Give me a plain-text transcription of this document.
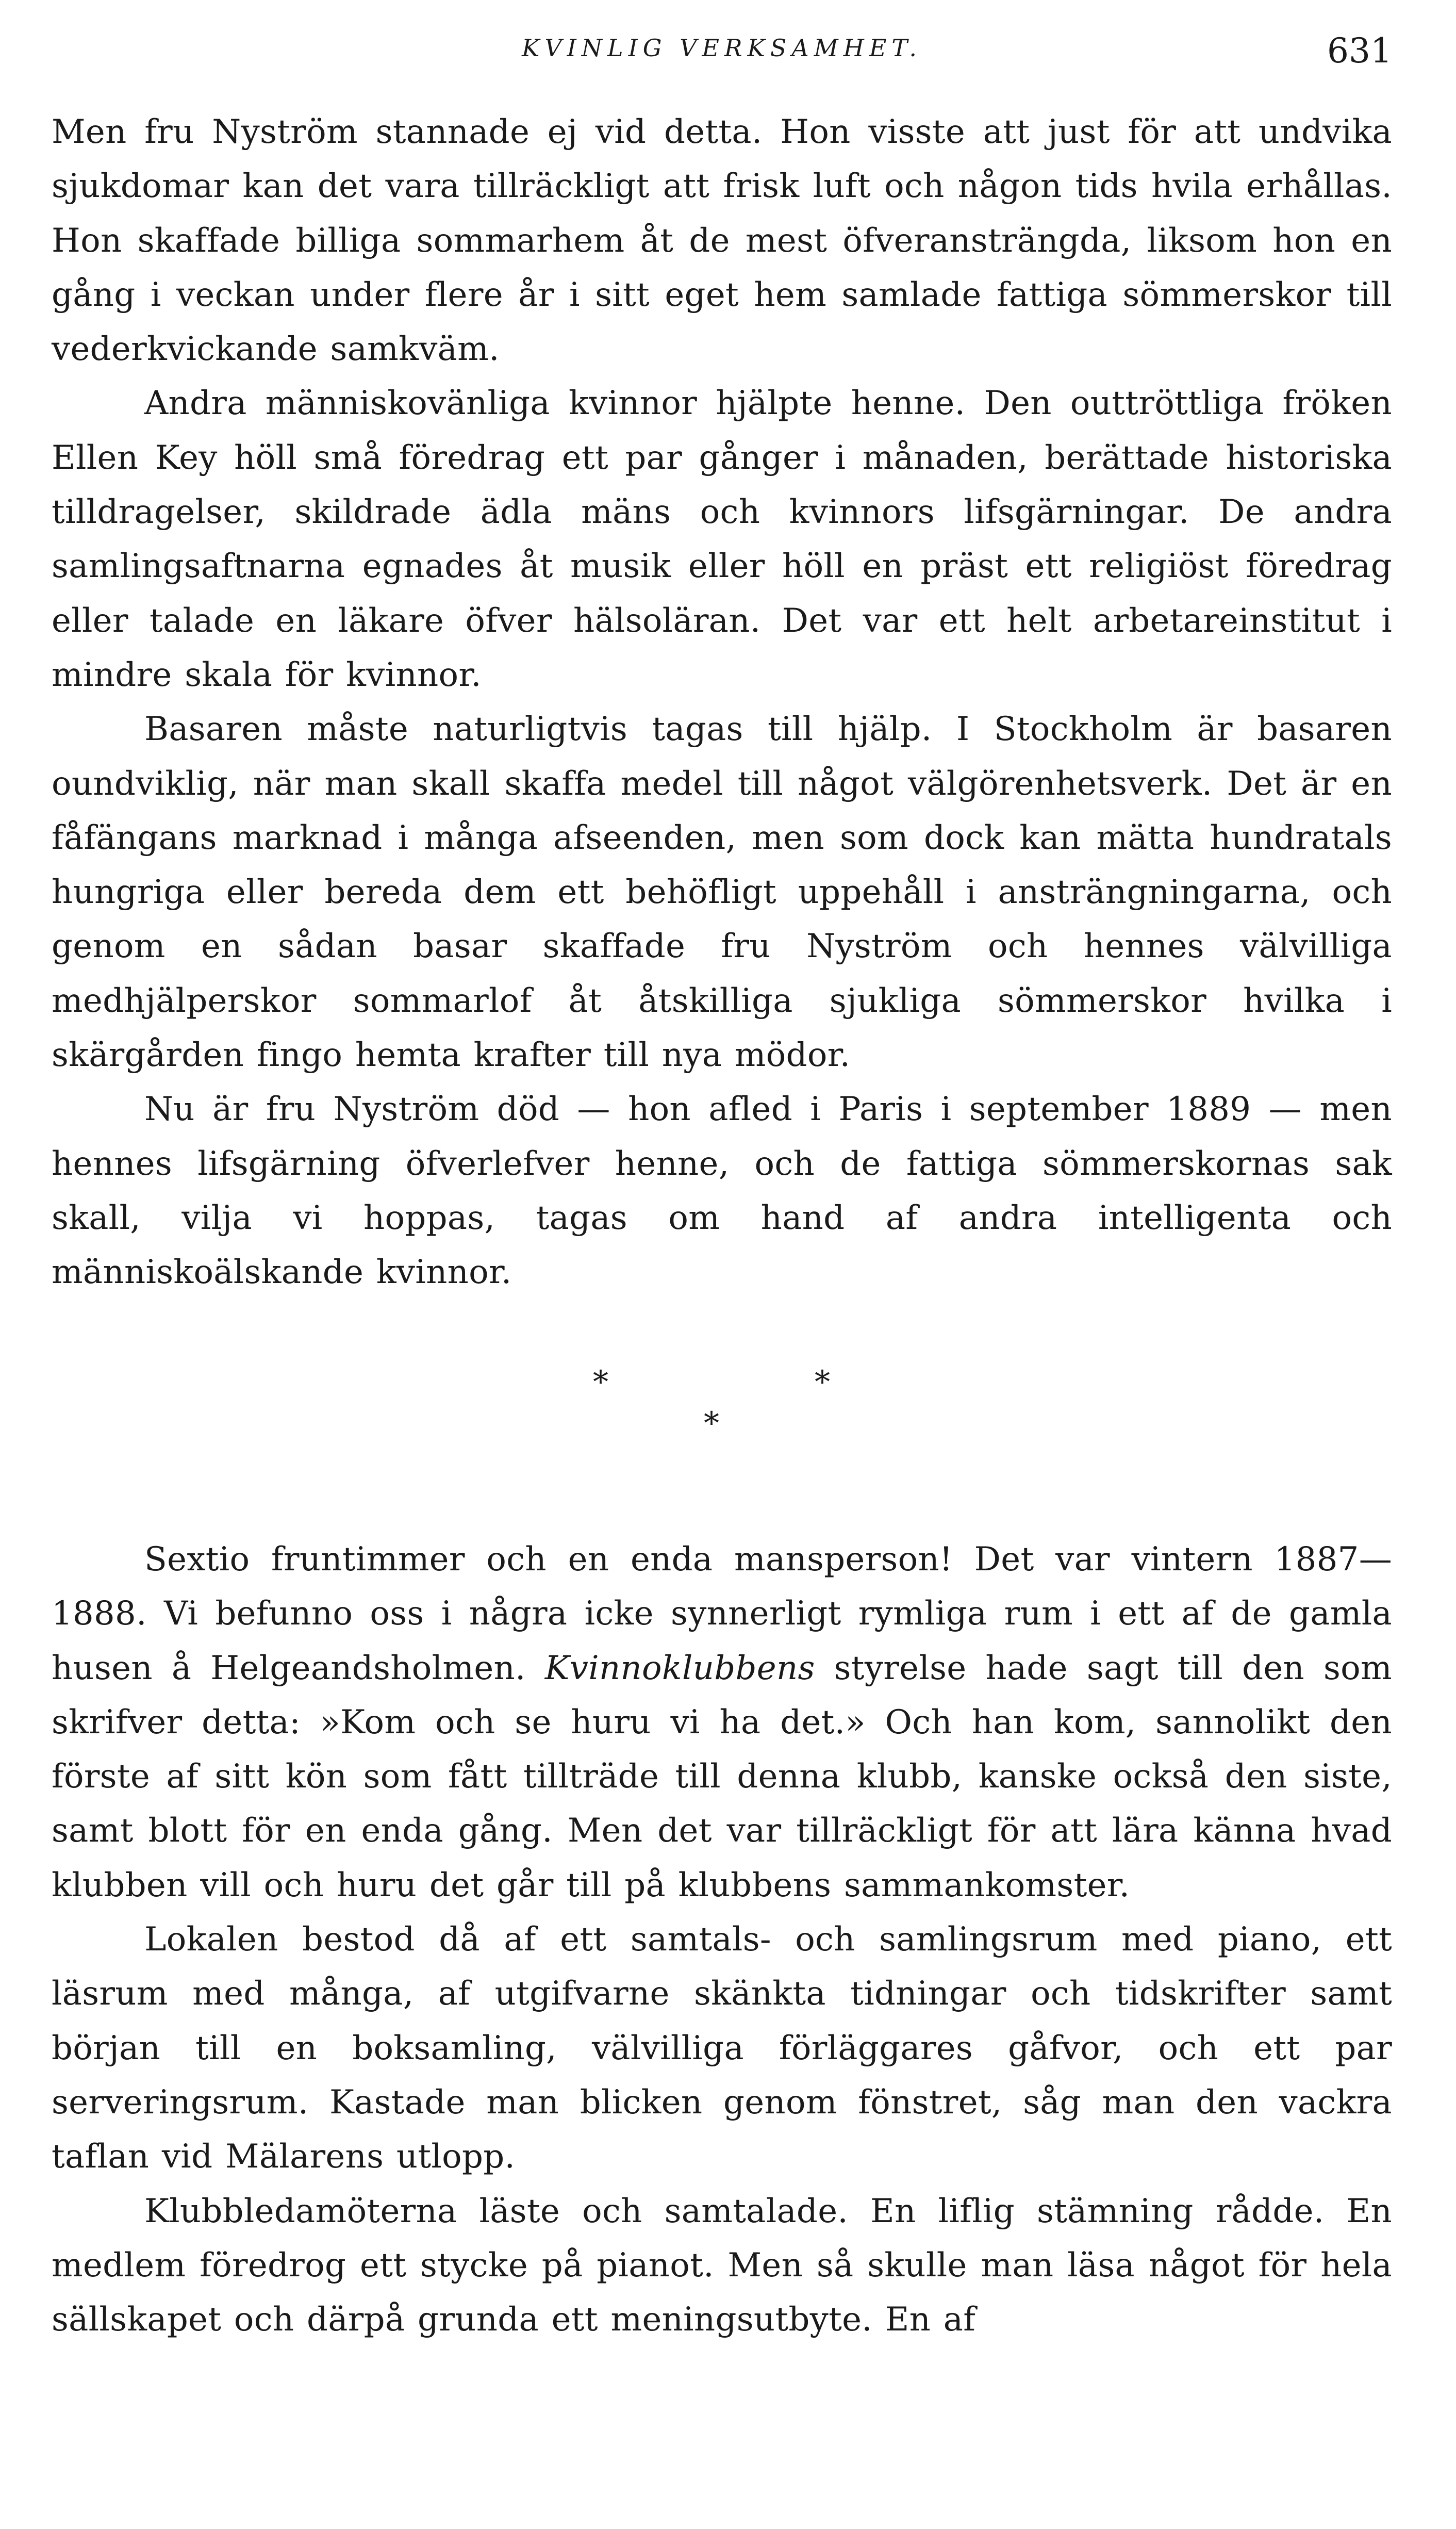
KVINLIG VERKSAMHET.	631

Men fru Nyström stannade ej vid detta. Hon visste att just för att undvika sjukdomar kan det vara tillräckligt att frisk luft och någon tids hvila erhållas. Hon skaffade billiga sommarhem åt de mest öfveransträngda, liksom hon en gång i veckan under flere år i sitt eget hem samlade fattiga sömmerskor till vederkvickande samkväm.

Andra människovänliga kvinnor hjälpte henne. Den outtröttliga fröken Ellen Key höll små föredrag ett par gånger i månaden, berättade historiska tilldragelser, skildrade ädla mäns och kvinnors lifsgärningar. De andra samlingsaftnarna egnades åt musik eller höll en präst ett religiöst föredrag eller talade en läkare öfver hälsoläran. Det var ett helt arbetareinstitut i mindre skala för kvinnor.

Basaren måste naturligtvis tagas till hjälp. I Stockholm är basaren oundviklig, när man skall skaffa medel till något välgörenhetsverk. Det är en fåfängans marknad i många afseenden, men som dock kan mätta hundratals hungriga eller bereda dem ett behöfligt uppehåll i ansträngningarna, och genom en sådan basar skaffade fru Nyström och hennes välvilliga medhjälperskor sommarlof åt åtskilliga sjukliga sömmerskor hvilka i skärgården fingo hemta krafter till nya mödor.

Nu är fru Nyström död — hon afled i Paris i september 1889 — men hennes lifsgärning öfverlefver henne, och de fattiga sömmerskornas sak skall, vilja vi hoppas, tagas om hand af andra intelligenta och människoälskande kvinnor.

*	*
*

Sextio fruntimmer och en enda mansperson! Det var vintern 1887—1888. Vi befunno oss i några icke synnerligt rymliga rum i ett af de gamla husen å Helgeandsholmen. Kvinnoklubbens styrelse hade sagt till den som skrifver detta: »Kom och se huru vi ha det.» Och han kom, sannolikt den förste af sitt kön som fått tillträde till denna klubb, kanske också den siste, samt blott för en enda gång. Men det var tillräckligt för att lära känna hvad klubben vill och huru det går till på klubbens sammankomster.

Lokalen bestod då af ett samtals- och samlingsrum med piano, ett läsrum med många, af utgifvarne skänkta tidningar och tidskrifter samt början till en boksamling, välvilliga förläggares gåfvor, och ett par serveringsrum. Kastade man blicken genom fönstret, såg man den vackra taflan vid Mälarens utlopp.

Klubbledamöterna läste och samtalade. En liflig stämning rådde. En medlem föredrog ett stycke på pianot. Men så skulle man läsa något för hela sällskapet och därpå grunda ett meningsutbyte. En af
